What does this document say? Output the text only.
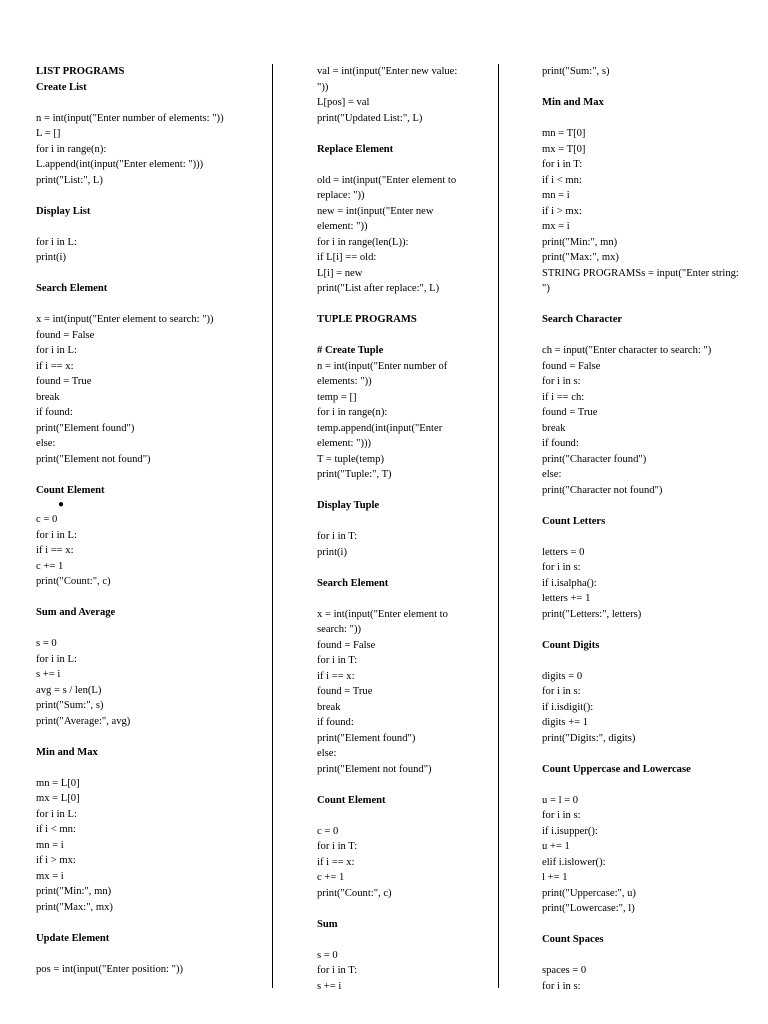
LIST PROGRAMS
Create List
n = int(input("Enter number of elements: "))
L = []
for i in range(n):
L.append(int(input("Enter element: ")))
print("List:", L)
Display List
for i in L:
print(i)
Search Element
x = int(input("Enter element to search: "))
found = False
for i in L:
if i == x:
found = True
break
if found:
print("Element found")
else:
print("Element not found")
Count Element
●
c = 0
for i in L:
if i == x:
c += 1
print("Count:", c)
Sum and Average
s = 0
for i in L:
s += i
avg = s / len(L)
print("Sum:", s)
print("Average:", avg)
Min and Max
mn = L[0]
mx = L[0]
for i in L:
if i < mn:
mn = i
if i > mx:
mx = i
print("Min:", mn)
print("Max:", mx)
Update Element
pos = int(input("Enter position: "))
val = int(input("Enter new value: "))
L[pos] = val
print("Updated List:", L)
Replace Element
old = int(input("Enter element to replace: "))
new = int(input("Enter new element: "))
for i in range(len(L)):
if L[i] == old:
L[i] = new
print("List after replace:", L)
TUPLE PROGRAMS
# Create Tuple
n = int(input("Enter number of elements: "))
temp = []
for i in range(n):
temp.append(int(input("Enter element: ")))
T = tuple(temp)
print("Tuple:", T)
Display Tuple
for i in T:
print(i)
Search Element
x = int(input("Enter element to search: "))
found = False
for i in T:
if i == x:
found = True
break
if found:
print("Element found")
else:
print("Element not found")
Count Element
c = 0
for i in T:
if i == x:
c += 1
print("Count:", c)
Sum
s = 0
for i in T:
s += i
print("Sum:", s)
Min and Max
mn = T[0]
mx = T[0]
for i in T:
if i < mn:
mn = i
if i > mx:
mx = i
print("Min:", mn)
print("Max:", mx)
STRING PROGRAMSs = input("Enter string: ")
Search Character
ch = input("Enter character to search: ")
found = False
for i in s:
if i == ch:
found = True
break
if found:
print("Character found")
else:
print("Character not found")
Count Letters
letters = 0
for i in s:
if i.isalpha():
letters += 1
print("Letters:", letters)
Count Digits
digits = 0
for i in s:
if i.isdigit():
digits += 1
print("Digits:", digits)
Count Uppercase and Lowercase
u = l = 0
for i in s:
if i.isupper():
u += 1
elif i.islower():
l += 1
print("Uppercase:", u)
print("Lowercase:", l)
Count Spaces
spaces = 0
for i in s:
